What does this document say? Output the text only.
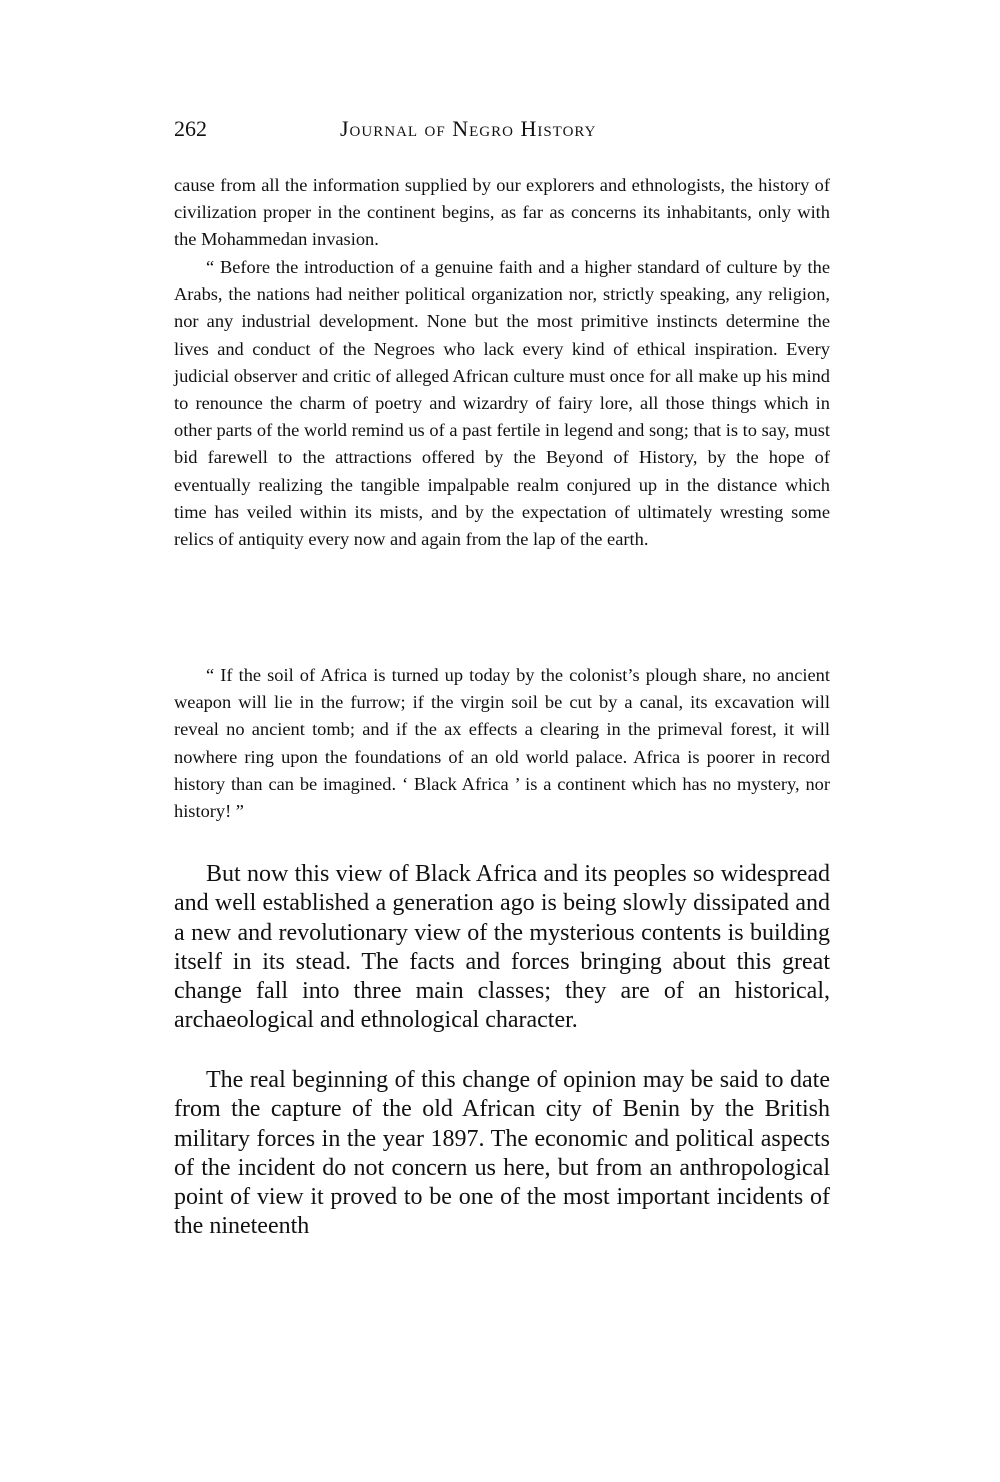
262	Journal of Negro History

cause from all the information supplied by our explorers and ethnologists, the history of civilization proper in the continent begins, as far as concerns its inhabitants, only with the Mohammedan invasion.

“ Before the introduction of a genuine faith and a higher standard of culture by the Arabs, the nations had neither political organization nor, strictly speaking, any religion, nor any industrial development. None but the most primitive instincts determine the lives and conduct of the Negroes who lack every kind of ethical inspiration. Every judicial observer and critic of alleged African culture must once for all make up his mind to renounce the charm of poetry and wizardry of fairy lore, all those things which in other parts of the world remind us of a past fertile in legend and song; that is to say, must bid farewell to the attractions offered by the Beyond of History, by the hope of eventually realizing the tangible impalpable realm conjured up in the distance which time has veiled within its mists, and by the expectation of ultimately wresting some relics of antiquity every now and again from the lap of the earth.

“ If the soil of Africa is turned up today by the colonist’s plough share, no ancient weapon will lie in the furrow; if the virgin soil be cut by a canal, its excavation will reveal no ancient tomb; and if the ax effects a clearing in the primeval forest, it will nowhere ring upon the foundations of an old world palace. Africa is poorer in record history than can be imagined. ‘ Black Africa ’ is a continent which has no mystery, nor history! ”

But now this view of Black Africa and its peoples so widespread and well established a generation ago is being slowly dissipated and a new and revolutionary view of the mysterious contents is building itself in its stead. The facts and forces bringing about this great change fall into three main classes; they are of an historical, archaeological and ethnological character.

The real beginning of this change of opinion may be said to date from the capture of the old African city of Benin by the British military forces in the year 1897. The economic and political aspects of the incident do not concern us here, but from an anthropological point of view it proved to be one of the most important incidents of the nineteenth
